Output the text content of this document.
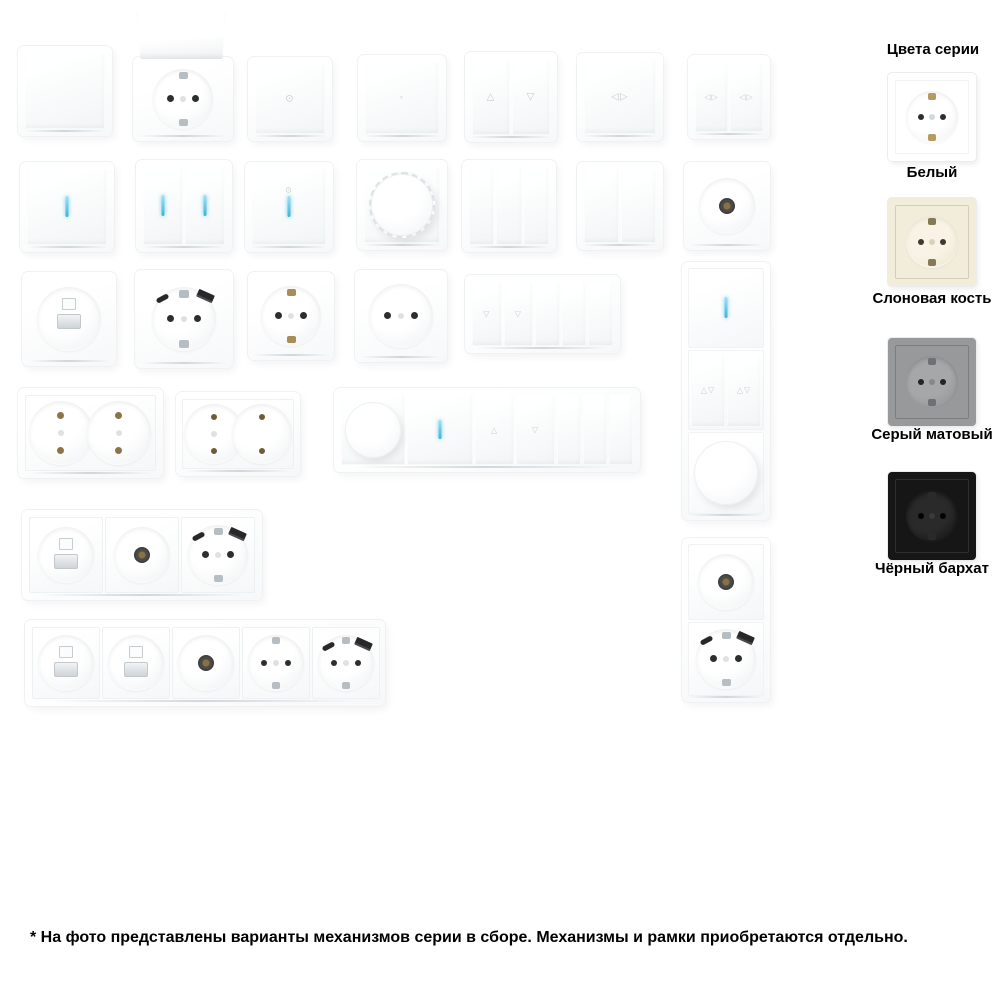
⊙	◦	△	▽	◁▷	◁▷	◁▷
⊙
▽	▽
△▽	△▽
△	▽
Цвета серии
Белый
Слоновая кость
Серый матовый
Чёрный бархат
* На фото представлены варианты механизмов серии в сборе. Механизмы и рамки приобретаются отдельно.
